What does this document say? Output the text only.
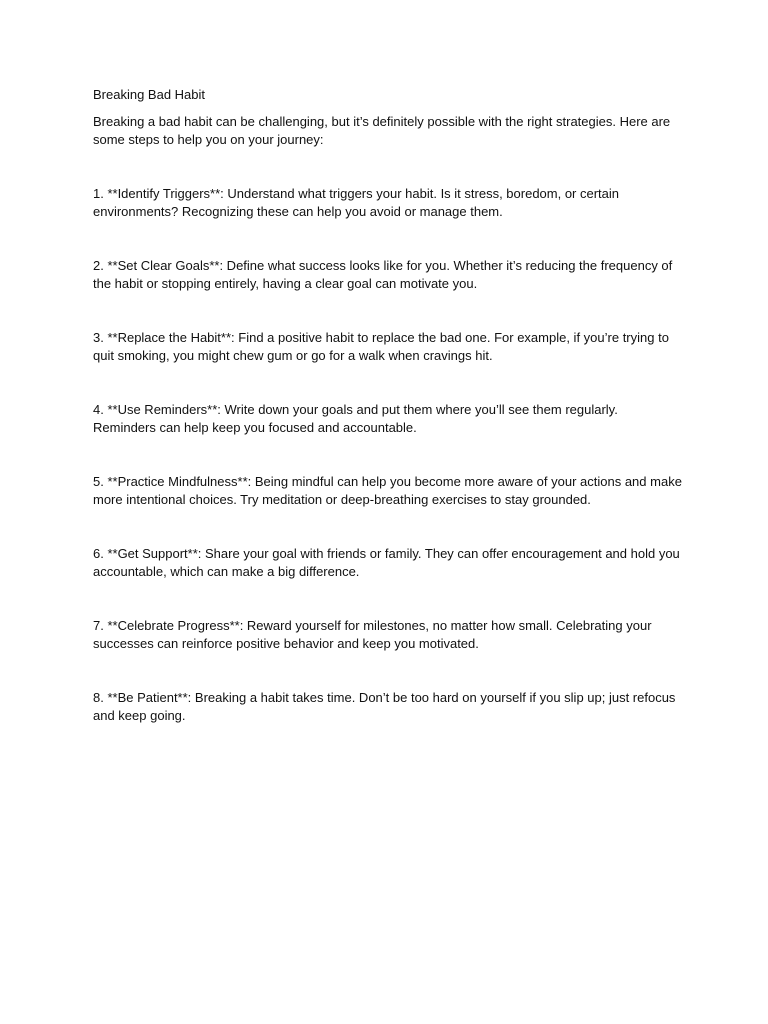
Breaking Bad Habit

Breaking a bad habit can be challenging, but it’s definitely possible with the right strategies. Here are some steps to help you on your journey:

1. **Identify Triggers**: Understand what triggers your habit. Is it stress, boredom, or certain environments? Recognizing these can help you avoid or manage them.

2. **Set Clear Goals**: Define what success looks like for you. Whether it’s reducing the frequency of the habit or stopping entirely, having a clear goal can motivate you.

3. **Replace the Habit**: Find a positive habit to replace the bad one. For example, if you’re trying to quit smoking, you might chew gum or go for a walk when cravings hit.

4. **Use Reminders**: Write down your goals and put them where you’ll see them regularly. Reminders can help keep you focused and accountable.

5. **Practice Mindfulness**: Being mindful can help you become more aware of your actions and make more intentional choices. Try meditation or deep-breathing exercises to stay grounded.

6. **Get Support**: Share your goal with friends or family. They can offer encouragement and hold you accountable, which can make a big difference.

7. **Celebrate Progress**: Reward yourself for milestones, no matter how small. Celebrating your successes can reinforce positive behavior and keep you motivated.

8. **Be Patient**: Breaking a habit takes time. Don’t be too hard on yourself if you slip up; just refocus and keep going.
